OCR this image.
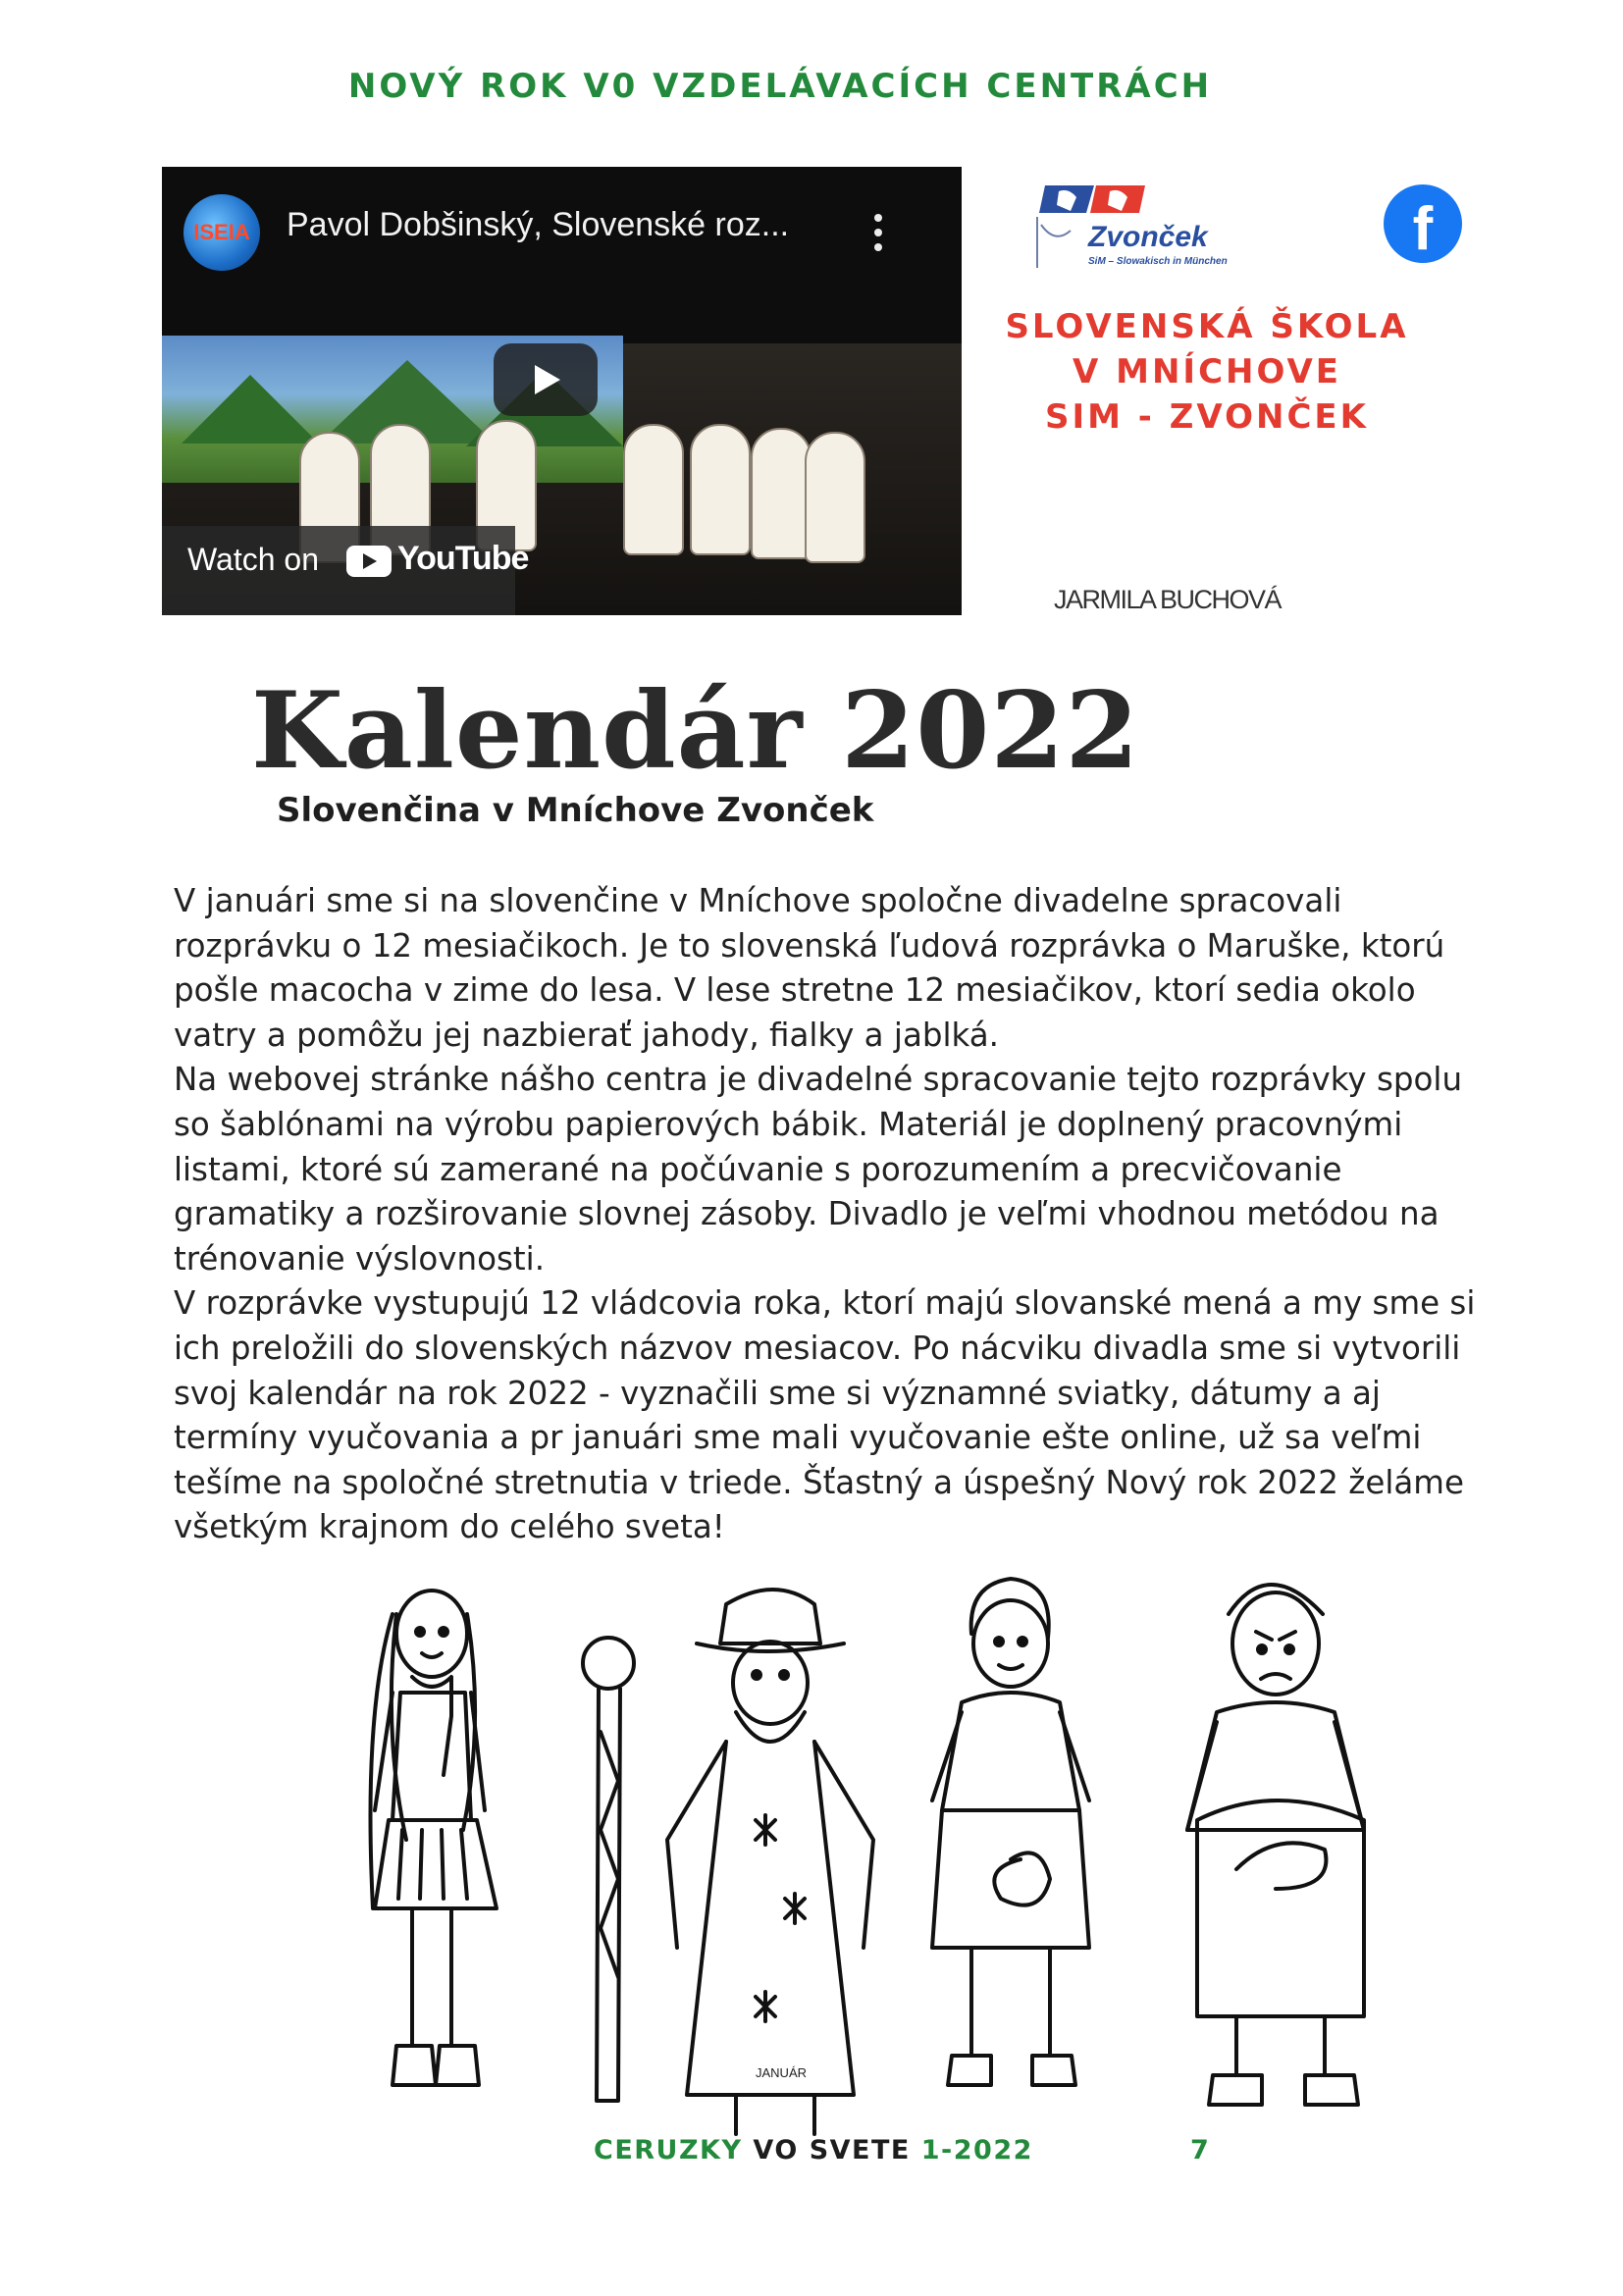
NOVÝ ROK V0 VZDELÁVACÍCH CENTRÁCH
ISEIA	Pavol Dobšinský, Slovenské roz...
Watch on YouTube
Zvonček
SiM – Slowakisch in München	f
SLOVENSKÁ ŠKOLA
V MNÍCHOVE
SIM - ZVONČEK
JARMILA BUCHOVÁ
Kalendár 2022
Slovenčina v Mníchove Zvonček

V januári sme si na slovenčine v Mníchove spoločne divadelne spracovali rozprávku o 12 mesiačikoch. Je to slovenská ľudová rozprávka o Maruške, ktorú pošle macocha v zime do lesa. V lese stretne 12 mesiačikov, ktorí sedia okolo vatry a pomôžu jej nazbierať jahody, fialky a jablká.

Na webovej stránke nášho centra je divadelné spracovanie tejto rozprávky spolu so šablónami na výrobu papierových bábik. Materiál je doplnený pracovnými listami, ktoré sú zamerané na počúvanie s porozumením a precvičovanie gramatiky a rozširovanie slovnej zásoby. Divadlo je veľmi vhodnou metódou na trénovanie výslovnosti.

V rozprávke vystupujú 12 vládcovia roka, ktorí majú slovanské mená a my sme si ich preložili do slovenských názvov mesiacov. Po nácviku divadla sme si vytvorili svoj kalendár na rok 2022 - vyznačili sme si významné sviatky, dátumy a aj termíny vyučovania a pr januári sme mali vyučovanie ešte online, už sa veľmi tešíme na spoločné stretnutia v triede. Šťastný a úspešný Nový rok 2022 želáme všetkým krajnom do celého sveta!

JANUÁR
CERUZKY VO SVETE 1-2022	7
